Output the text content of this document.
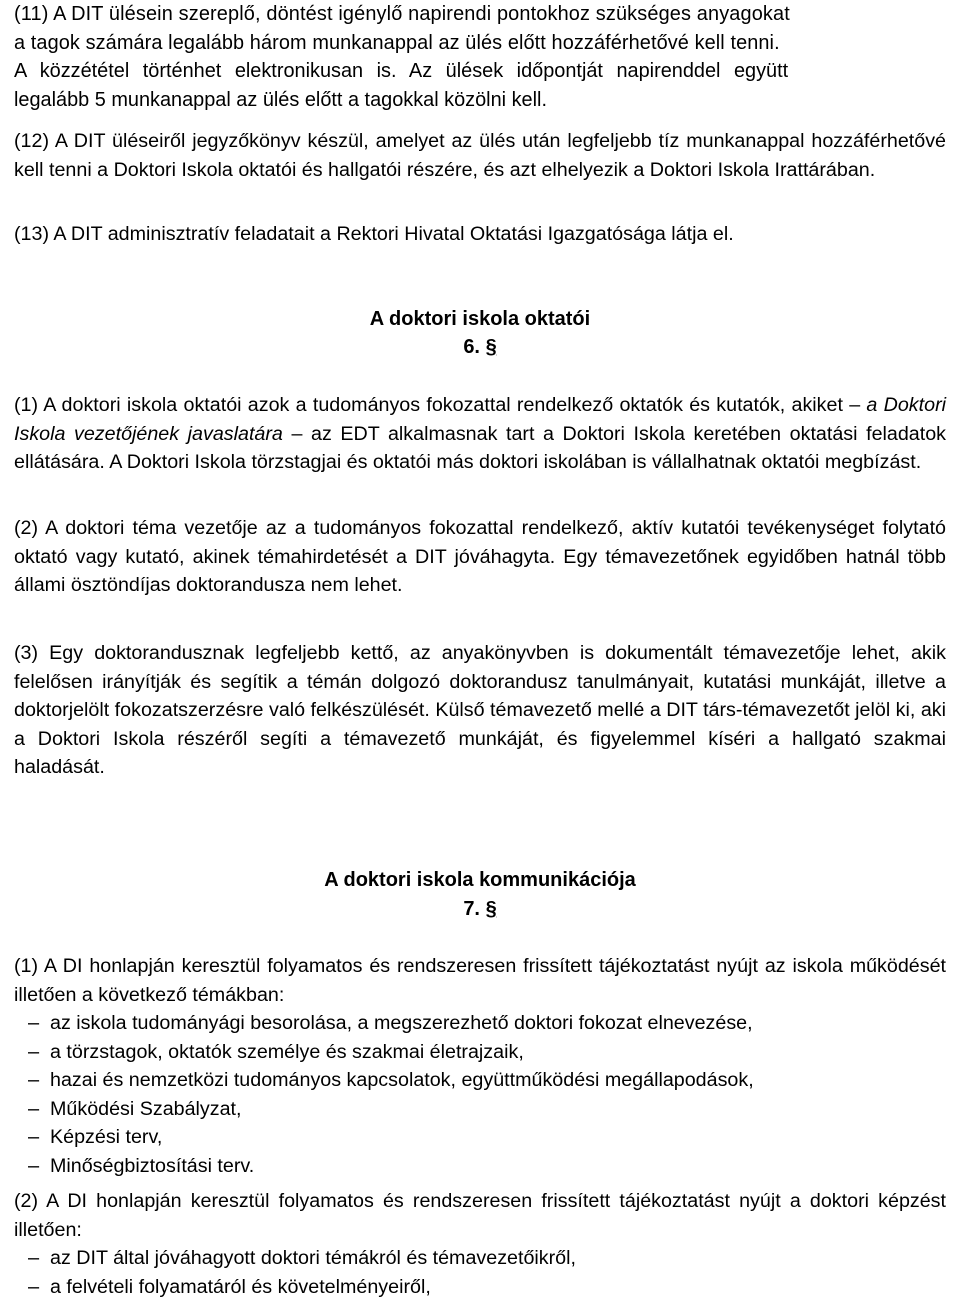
(11) A DIT ülésein szereplő, döntést igénylő napirendi pontokhoz szükséges anyagokat

a tagok számára legalább három munkanappal az ülés előtt hozzáférhetővé kell tenni.

A közzététel történhet elektronikusan is. Az ülések időpontját napirenddel együtt

legalább 5 munkanappal az ülés előtt a tagokkal közölni kell.

(12) A DIT üléseiről jegyzőkönyv készül, amelyet az ülés után legfeljebb tíz munkanappal hozzáférhetővé kell tenni a Doktori Iskola oktatói és hallgatói részére, és azt elhelyezik a Doktori Iskola Irattárában.

(13) A DIT adminisztratív feladatait a Rektori Hivatal Oktatási Igazgatósága látja el.

A doktori iskola oktatói
6. §

(1) A doktori iskola oktatói azok a tudományos fokozattal rendelkező oktatók és kutatók, akiket – a Doktori Iskola vezetőjének javaslatára – az EDT alkalmasnak tart a Doktori Iskola keretében oktatási feladatok ellátására. A Doktori Iskola törzstagjai és oktatói más doktori iskolában is vállalhatnak oktatói megbízást.

(2) A doktori téma vezetője az a tudományos fokozattal rendelkező, aktív kutatói tevékenységet folytató oktató vagy kutató, akinek témahirdetését a DIT jóváhagyta. Egy témavezetőnek egyidőben hatnál több állami ösztöndíjas doktorandusza nem lehet.

(3) Egy doktorandusznak legfeljebb kettő, az anyakönyvben is dokumentált témavezetője lehet, akik felelősen irányítják és segítik a témán dolgozó doktorandusz tanulmányait, kutatási munkáját, illetve a doktorjelölt fokozatszerzésre való felkészülését. Külső témavezető mellé a DIT társ-témavezetőt jelöl ki, aki a Doktori Iskola részéről segíti a témavezető munkáját, és figyelemmel kíséri a hallgató szakmai haladását.

A doktori iskola kommunikációja
7. §

(1) A DI honlapján keresztül folyamatos és rendszeresen frissített tájékoztatást nyújt az iskola működését illetően a következő témákban:

– az iskola tudományági besorolása, a megszerezhető doktori fokozat elnevezése,
– a törzstagok, oktatók személye és szakmai életrajzaik,
– hazai és nemzetközi tudományos kapcsolatok, együttműködési megállapodások,
– Működési Szabályzat,
– Képzési terv,
– Minőségbiztosítási terv.

(2) A DI honlapján keresztül folyamatos és rendszeresen frissített tájékoztatást nyújt a doktori képzést illetően:

– az DIT által jóváhagyott doktori témákról és témavezetőikről,
– a felvételi folyamatáról és követelményeiről,
